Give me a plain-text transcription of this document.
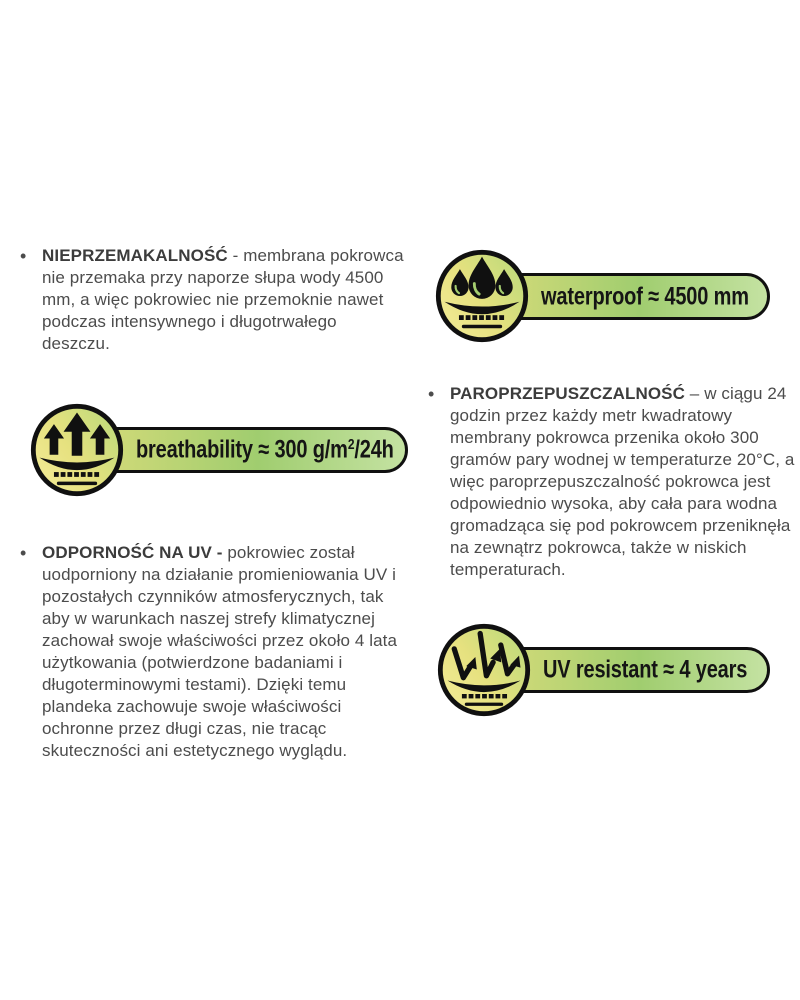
• NIEPRZEMAKALNOŚĆ - membrana pokrowca nie przemaka przy naporze słupa wody 4500 mm, a więc pokrowiec nie przemoknie nawet podczas intensywnego i długotrwałego deszczu.

waterproof ≈ 4500 mm
breathability ≈ 300 $g/m^2/24h$
• ODPORNOŚĆ NA UV - pokrowiec został uodporniony na działanie promieniowania UV i pozostałych czynników atmosferycznych, tak aby w warunkach naszej strefy klimatycznej zachował swoje właściwości przez około 4 lata użytkowania (potwierdzone badaniami i długoterminowymi testami). Dzięki temu plandeka zachowuje swoje właściwości ochronne przez długi czas, nie tracąc skuteczności ani estetycznego wyglądu.

• PAROPRZEPUSZCZALNOŚĆ – w ciągu 24 godzin przez każdy metr kwadratowy membrany pokrowca przenika około 300 gramów pary wodnej w temperaturze 20°C, a więc paroprzepuszczalność pokrowca jest odpowiednio wysoka, aby cała para wodna gromadząca się pod pokrowcem przeniknęła na zewnątrz pokrowca, także w niskich temperaturach.

UV resistant ≈ 4 years
